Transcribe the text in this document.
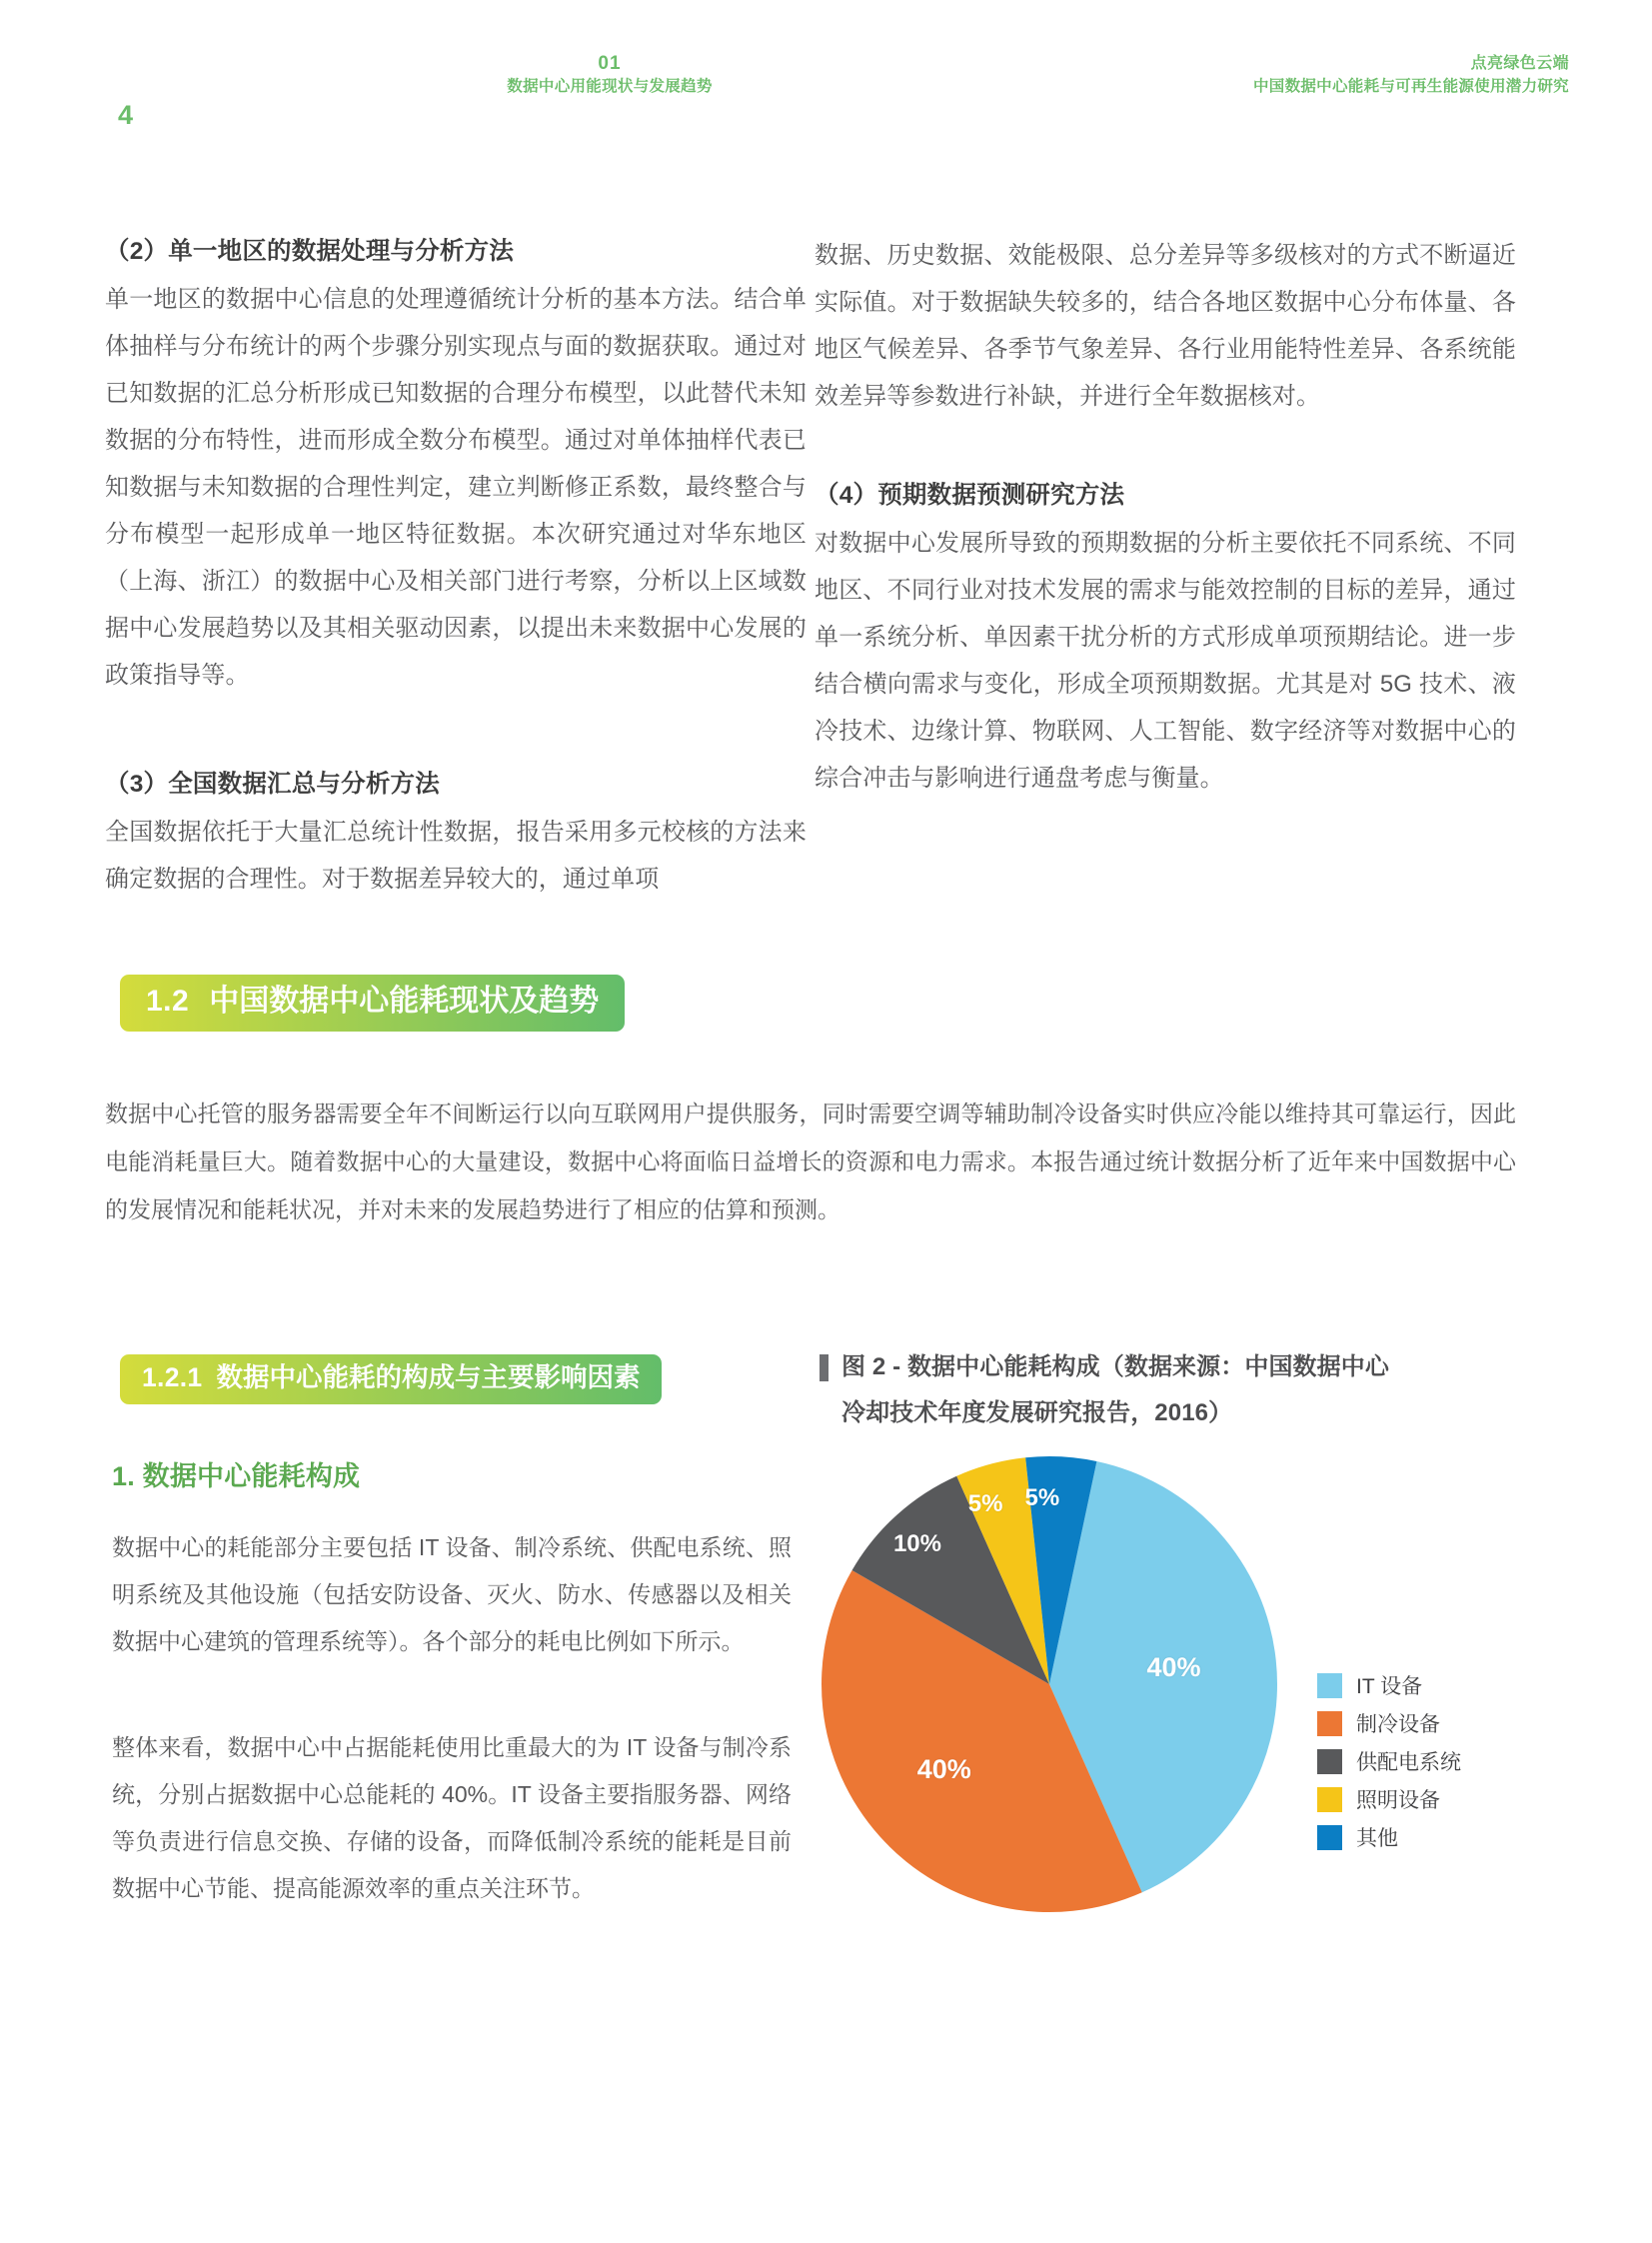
4
01
数据中心用能现状与发展趋势
点亮绿色云端
中国数据中心能耗与可再生能源使用潜力研究
（2）单一地区的数据处理与分析方法

单一地区的数据中心信息的处理遵循统计分析的基本方法。结合单体抽样与分布统计的两个步骤分别实现点与面的数据获取。通过对已知数据的汇总分析形成已知数据的合理分布模型，以此替代未知数据的分布特性，进而形成全数分布模型。通过对单体抽样代表已知数据与未知数据的合理性判定，建立判断修正系数，最终整合与分布模型一起形成单一地区特征数据。本次研究通过对华东地区（上海、浙江）的数据中心及相关部门进行考察，分析以上区域数据中心发展趋势以及其相关驱动因素，以提出未来数据中心发展的政策指导等。

（3）全国数据汇总与分析方法

全国数据依托于大量汇总统计性数据，报告采用多元校核的方法来确定数据的合理性。对于数据差异较大的，通过单项

数据、历史数据、效能极限、总分差异等多级核对的方式不断逼近实际值。对于数据缺失较多的，结合各地区数据中心分布体量、各地区气候差异、各季节气象差异、各行业用能特性差异、各系统能效差异等参数进行补缺，并进行全年数据核对。

（4）预期数据预测研究方法

对数据中心发展所导致的预期数据的分析主要依托不同系统、不同地区、不同行业对技术发展的需求与能效控制的目标的差异，通过单一系统分析、单因素干扰分析的方式形成单项预期结论。进一步结合横向需求与变化，形成全项预期数据。尤其是对 5G 技术、液冷技术、边缘计算、物联网、人工智能、数字经济等对数据中心的综合冲击与影响进行通盘考虑与衡量。

1.2 中国数据中心能耗现状及趋势
数据中心托管的服务器需要全年不间断运行以向互联网用户提供服务，同时需要空调等辅助制冷设备实时供应冷能以维持其可靠运行，因此电能消耗量巨大。随着数据中心的大量建设，数据中心将面临日益增长的资源和电力需求。本报告通过统计数据分析了近年来中国数据中心的发展情况和能耗状况，并对未来的发展趋势进行了相应的估算和预测。
1.2.1 数据中心能耗的构成与主要影响因素
1. 数据中心能耗构成
数据中心的耗能部分主要包括 IT 设备、制冷系统、供配电系统、照明系统及其他设施（包括安防设备、灭火、防水、传感器以及相关数据中心建筑的管理系统等）。各个部分的耗电比例如下所示。
整体来看，数据中心中占据能耗使用比重最大的为 IT 设备与制冷系统，分别占据数据中心总能耗的 40%。IT 设备主要指服务器、网络等负责进行信息交换、存储的设备，而降低制冷系统的能耗是目前数据中心节能、提高能源效率的重点关注环节。
图 2 - 数据中心能耗构成（数据来源：中国数据中心
冷却技术年度发展研究报告，2016）
40%
40%
10%
5% 5%
IT 设备
制冷设备
供配电系统
照明设备
其他
